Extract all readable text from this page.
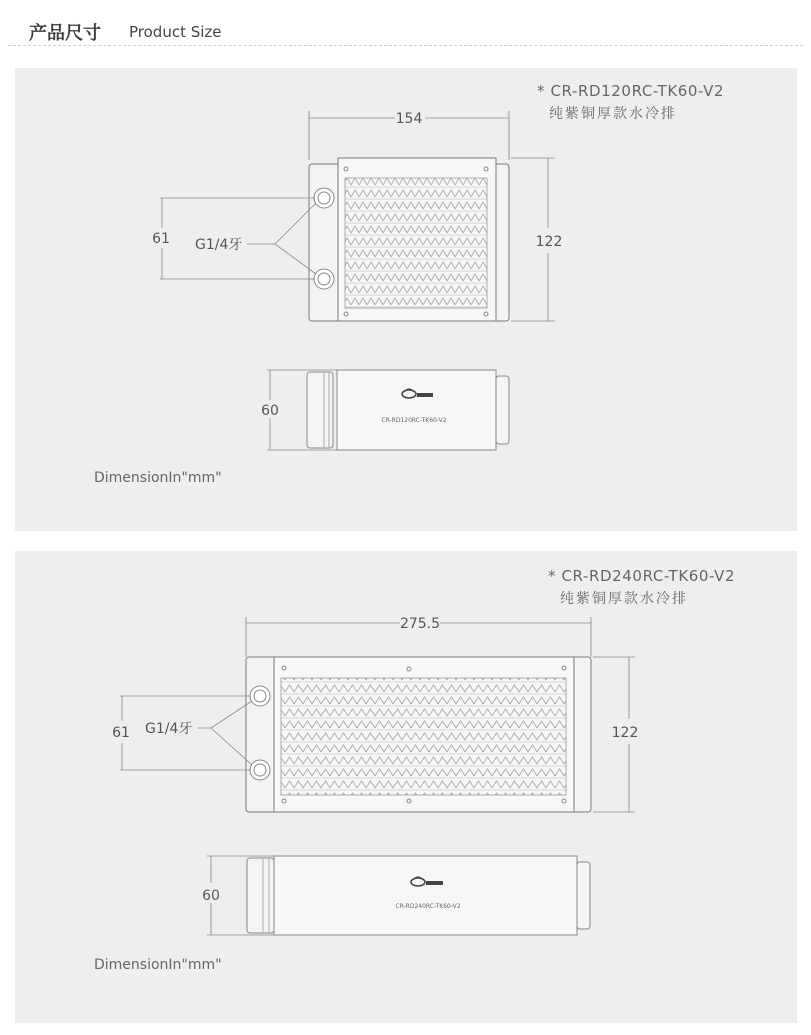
产品尺寸 Product Size
* CR-RD120RC-TK60-V2
纯紫铜厚款水冷排
154
122
61 G1/4牙
CR-RD120RC-TK60-V2
60
DimensionIn"mm"
* CR-RD240RC-TK60-V2
纯紫铜厚款水冷排
275.5
122
61 G1/4牙
CR-RD240RC-TK60-V2
60
DimensionIn"mm"
